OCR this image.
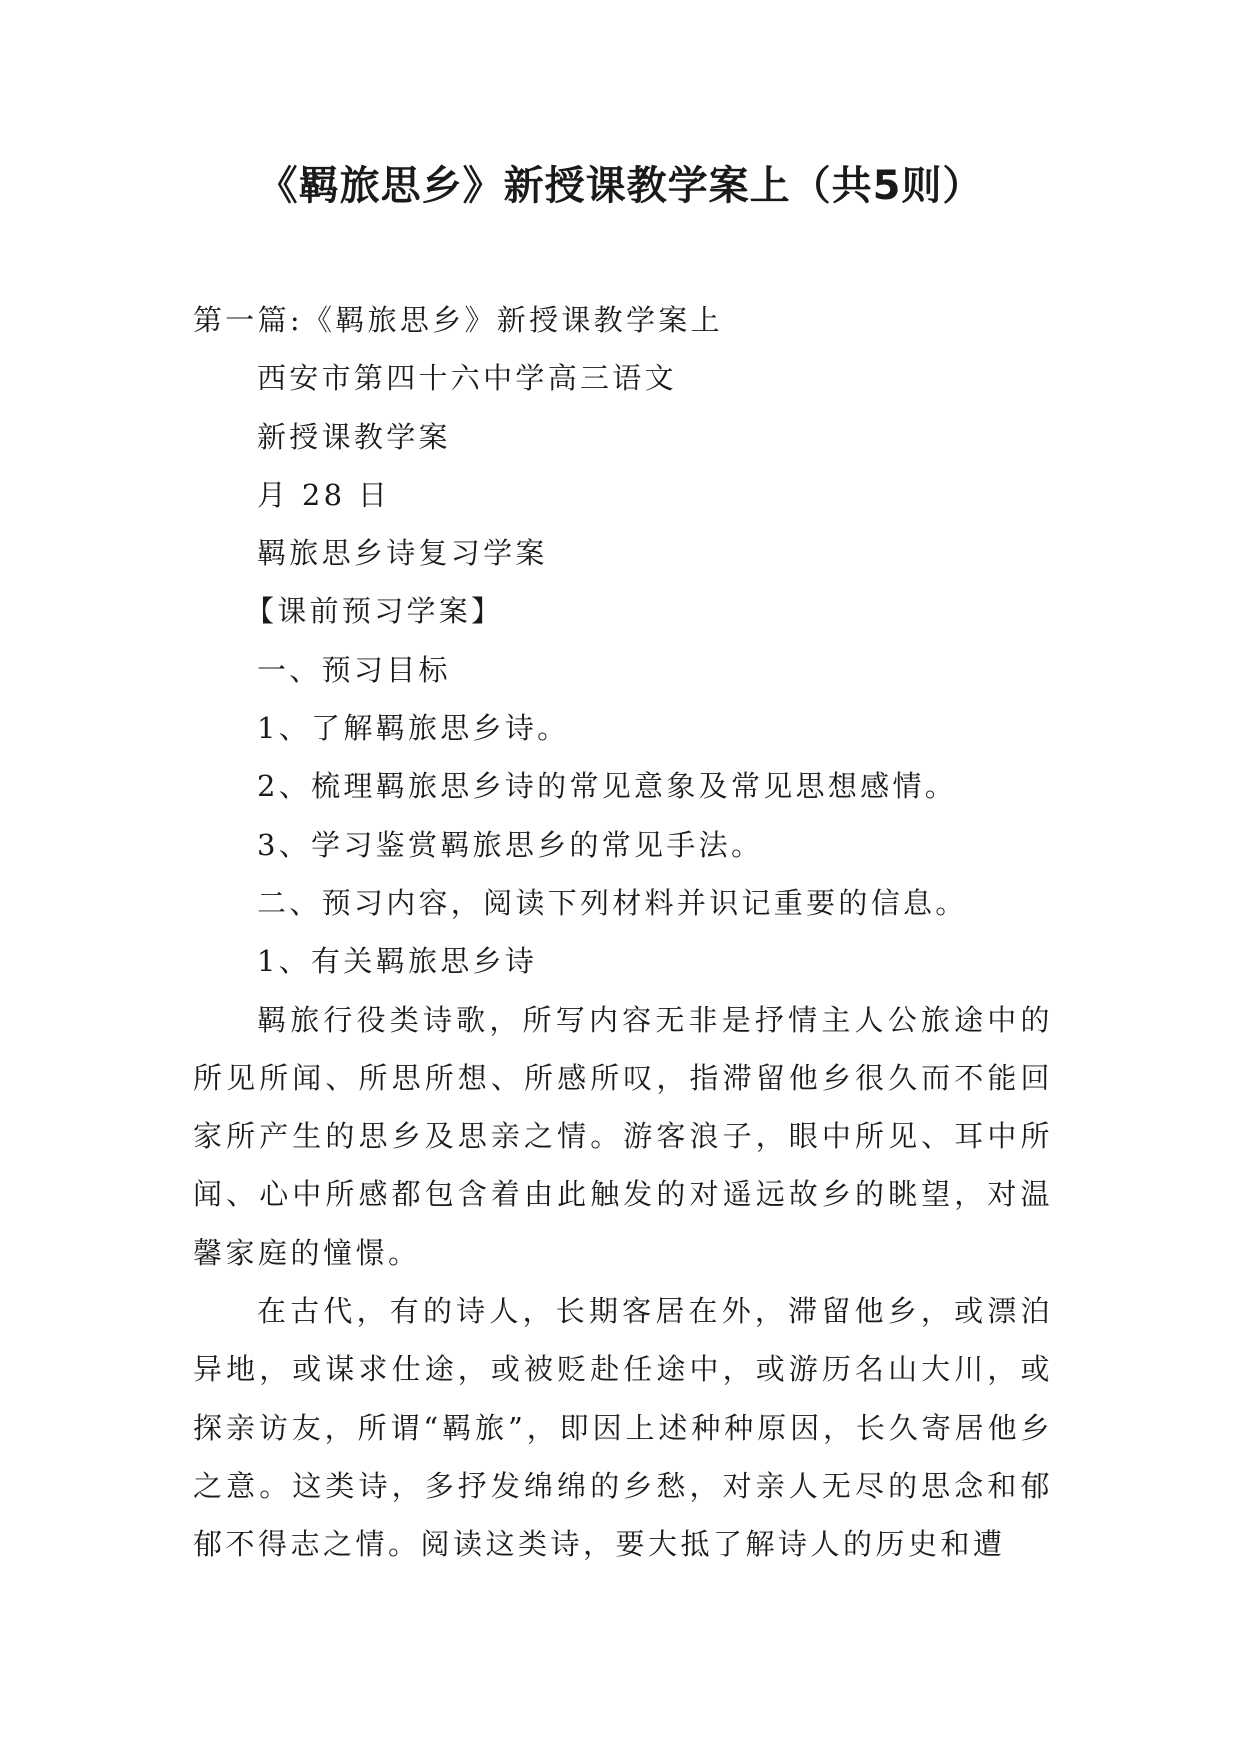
《羁旅思乡》新授课教学案上（共5则）

第一篇:《羁旅思乡》新授课教学案上

西安市第四十六中学高三语文

新授课教学案

月 28 日

羁旅思乡诗复习学案

【课前预习学案】

一、预习目标

1、了解羁旅思乡诗。

2、梳理羁旅思乡诗的常见意象及常见思想感情。

3、学习鉴赏羁旅思乡的常见手法。

二、预习内容，阅读下列材料并识记重要的信息。

1、有关羁旅思乡诗

羁旅行役类诗歌，所写内容无非是抒情主人公旅途中的所见所闻、所思所想、所感所叹，指滞留他乡很久而不能回家所产生的思乡及思亲之情。游客浪子，眼中所见、耳中所闻、心中所感都包含着由此触发的对遥远故乡的眺望，对温馨家庭的憧憬。

在古代，有的诗人，长期客居在外，滞留他乡，或漂泊异地，或谋求仕途，或被贬赴任途中，或游历名山大川，或探亲访友，所谓“羁旅”，即因上述种种原因，长久寄居他乡之意。这类诗，多抒发绵绵的乡愁，对亲人无尽的思念和郁郁不得志之情。阅读这类诗，要大抵了解诗人的历史和遭
